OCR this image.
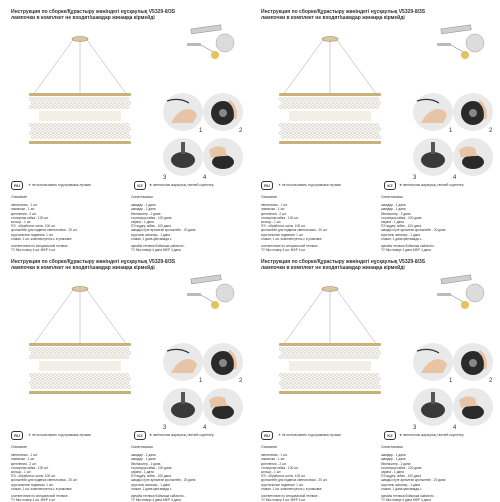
Инструкция по сборке/Құрастыру жөніндегі нұсқаулық V5329-8/3S
лампочки в комплект не входят/шамдар жинаққа кірмейді
1	2
3	4
RU	☀ не использовать под прямыми лучами	KZ	★ светильник жарықтың тікелей сәулелер
Описание
светильник - 1 шт.
лампочки - 1 шт.
крепления - 2 шт.
стопорная гайка - 100 шт.
кольцо - 1 шт.
ПЭ - обработка: шелк. 100 шт.
кронштейн для подвеса светильника - 20 шт.
хрустальные подвески: 1 шт.
стакан, 1 шт. комплектуется ≥ в упаковке
соответствие по специальной технике -
ТУ Мкс номер 4 шт. МФР 4 шт
Сипаттамасы
шамдар - 1 дана
шамдар - 1 дана
бекіткіштер - 2 дана
тоқтатқыш гайка - 100 дана
сақина - 1 дана
ПЭ өңдеу: жібек - 100 дана
шамды ілуге арналған кронштейн - 20 дана
хрусталь аспалар - 1 дана
стакан, 1 дана қаптамада ≥
арнайы техника бойынша сәйкестік -
ТУ Мкс нөмірі 4 дана МФР 4 дана
Инструкция по сборке/Құрастыру жөніндегі нұсқаулық V5329-8/3S
лампочки в комплект не входят/шамдар жинаққа кірмейді
1	2
3	4
RU	☀ не использовать под прямыми лучами	KZ	★ светильник жарықтың тікелей сәулелер
Описание
светильник - 1 шт.
лампочки - 1 шт.
крепления - 2 шт.
стопорная гайка - 100 шт.
кольцо - 1 шт.
ПЭ - обработка: шелк. 100 шт.
кронштейн для подвеса светильника - 20 шт.
хрустальные подвески: 1 шт.
стакан, 1 шт. комплектуется ≥ в упаковке
соответствие по специальной технике -
ТУ Мкс номер 4 шт. МФР 4 шт
Сипаттамасы
шамдар - 1 дана
шамдар - 1 дана
бекіткіштер - 2 дана
тоқтатқыш гайка - 100 дана
сақина - 1 дана
ПЭ өңдеу: жібек - 100 дана
шамды ілуге арналған кронштейн - 20 дана
хрусталь аспалар - 1 дана
стакан, 1 дана қаптамада ≥
арнайы техника бойынша сәйкестік -
ТУ Мкс нөмірі 4 дана МФР 4 дана
Инструкция по сборке/Құрастыру жөніндегі нұсқаулық V5329-8/3S
лампочки в комплект не входят/шамдар жинаққа кірмейді
1	2
3	4
RU	☀ не использовать под прямыми лучами	KZ	★ светильник жарықтың тікелей сәулелер
Описание
светильник - 1 шт.
лампочки - 1 шт.
крепления - 2 шт.
стопорная гайка - 100 шт.
кольцо - 1 шт.
ПЭ - обработка: шелк. 100 шт.
кронштейн для подвеса светильника - 20 шт.
хрустальные подвески: 1 шт.
стакан, 1 шт. комплектуется ≥ в упаковке
соответствие по специальной технике -
ТУ Мкс номер 4 шт. МФР 4 шт
Сипаттамасы
шамдар - 1 дана
шамдар - 1 дана
бекіткіштер - 2 дана
тоқтатқыш гайка - 100 дана
сақина - 1 дана
ПЭ өңдеу: жібек - 100 дана
шамды ілуге арналған кронштейн - 20 дана
хрусталь аспалар - 1 дана
стакан, 1 дана қаптамада ≥
арнайы техника бойынша сәйкестік -
ТУ Мкс нөмірі 4 дана МФР 4 дана
Инструкция по сборке/Құрастыру жөніндегі нұсқаулық V5329-8/3S
лампочки в комплект не входят/шамдар жинаққа кірмейді
1	2
3	4
RU	☀ не использовать под прямыми лучами	KZ	★ светильник жарықтың тікелей сәулелер
Описание
светильник - 1 шт.
лампочки - 1 шт.
крепления - 2 шт.
стопорная гайка - 100 шт.
кольцо - 1 шт.
ПЭ - обработка: шелк. 100 шт.
кронштейн для подвеса светильника - 20 шт.
хрустальные подвески: 1 шт.
стакан, 1 шт. комплектуется ≥ в упаковке
соответствие по специальной технике -
ТУ Мкс номер 4 шт. МФР 4 шт
Сипаттамасы
шамдар - 1 дана
шамдар - 1 дана
бекіткіштер - 2 дана
тоқтатқыш гайка - 100 дана
сақина - 1 дана
ПЭ өңдеу: жібек - 100 дана
шамды ілуге арналған кронштейн - 20 дана
хрусталь аспалар - 1 дана
стакан, 1 дана қаптамада ≥
арнайы техника бойынша сәйкестік -
ТУ Мкс нөмірі 4 дана МФР 4 дана
